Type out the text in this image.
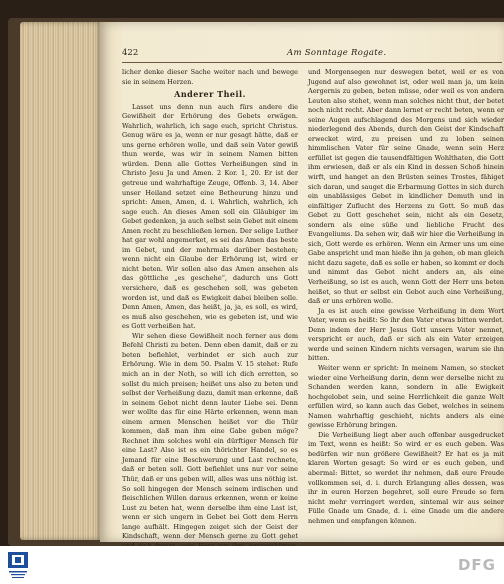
422	Am Sonntage Rogate.

licher denke dieser Sache weiter nach und bewege sie in seinem Herzen.

Anderer Theil.

Lasset uns denn nun auch fürs andere die Gewißheit der Erhörung des Gebets erwägen. Wahrlich, wahrlich, ich sage euch, spricht Christus. Genug wäre es ja, wenn er nur gesagt hätte, daß er uns gerne erhören wolle, und daß sein Vater gewiß thun werde, was wir in seinem Namen bitten würden. Denn alle Gottes Verheißungen sind in Christo Jesu Ja und Amen. 2 Kor. 1, 20. Er ist der getreue und wahrhaftige Zeuge, Offenb. 3, 14. Aber unser Heiland setzet eine Betheurung hinzu und spricht: Amen, Amen, d. i. Wahrlich, wahrlich, ich sage euch. An dieses Amen soll ein Gläubiger im Gebet gedenken, ja auch selbst sein Gebet mit einem Amen recht zu beschließen lernen. Der selige Luther hat gar wohl angemerket, es sei das Amen das beste im Gebet, und der mehrmals darüber bestehen; wenn nicht ein Glaube der Erhörung ist, wird er nicht beten. Wir sollen also das Amen ansehen als das göttliche „es geschehe“, dadurch uns Gott versichere, daß es geschehen soll, was gebeten worden ist, und daß es Ewigkeit dabei bleiben solle. Denn Amen, Amen, das heißt, ja, ja, es soll, es wird, es muß also geschehen, wie es gebeten ist, und wie es Gott verheißen hat.

Wir sehen diese Gewißheit noch ferner aus dem Befehl Christi zu beten. Denn eben damit, daß er zu beten befiehlet, verbindet er sich auch zur Erhörung. Wie in dem 50. Psalm V. 15 stehet: Rufe mich an in der Noth, so will ich dich erretten, so sollst du mich preisen; heißet uns also zu beten und selbst der Verheißung dazu, damit man erkenne, daß in seinem Gebot nicht denn lauter Liebe sei. Denn wer wollte das für eine Härte erkennen, wenn man einem armen Menschen heißet vor die Thür kommen, daß man ihm eine Gabe geben möge? Rechnet ihm solches wohl ein dürftiger Mensch für eine Last? Also ist es ein thörichter Handel, so es Jemand für eine Beschwerung und Last rechnete, daß er beten soll. Gott befiehlet uns nur vor seine Thür, daß er uns geben will, alles was uns nöthig ist. So soll hingegen der Mensch seinem irdischen und fleischlichen Willen daraus erkennen, wenn er keine Lust zu beten hat, wenn derselbe ihm eine Last ist, wenn er sich ungern in Gebet bei Gott dem Herrn lange aufhält. Hingegen zeiget sich der Geist der Kindschaft, wenn der Mensch gerne zu Gott gehet

und Morgensegen nur deswegen betet, weil er es von Jugend auf also gewohnet ist, oder weil man ja, um kein Aergernis zu geben, beten müsse, oder weil es von andern Leuten also stehet, wenn man solches nicht thut, der betet noch nicht recht. Aber dann lernet er recht beten, wenn er seine Augen aufschlagend des Morgens und sich wieder niederlegend des Abends, durch den Geist der Kindschaft erwecket wird, zu preisen und zu loben seinen himmlischen Vater für seine Gnade, wenn sein Herz erfüllet ist gegen die tausendfältigen Wohlthaten, die Gott ihm erwiesen, daß er als ein Kind in dessen Schoß hinein wirft, und hanget an den Brüsten seines Trostes, fähiget sich daran, und sauget die Erbarmung Gottes in sich durch ein unablässiges Gebet in kindlicher Demuth und in einfältiger Zuflucht des Herzens zu Gott. So muß das Gebet zu Gott geschehet sein, nicht als ein Gesetz, sondern als eine süße und liebliche Frucht des Evangeliums. Da sehen wir, daß wir hier die Verheißung in sich, Gott werde es erhören. Wenn ein Armer uns um eine Gabe anspricht und man hieße ihn ja gehen, ob man gleich nicht dazu sagete, daß es solle er haben, so kommt er doch und nimmt das Gebot nicht anders an, als eine Verheißung, so ist es auch, wenn Gott der Herr uns beten heißet, so thut er selbst ein Gebot auch eine Verheißung, daß er uns erhören wolle.

Ja es ist auch eine gewisse Verheißung in dem Wort Vater, wenn es heißt: So ihr den Vater etwas bitten werdet. Denn indem der Herr Jesus Gott unsern Vater nennet, verspricht er auch, daß er sich als ein Vater erzeigen werde und seinen Kindern nichts versagen, warum sie ihn bitten.

Weiter wenn er spricht: In meinem Namen, so stecket wieder eine Verheißung darin, denn wer derselbe nicht zu Schanden werden kann, sondern in alle Ewigkeit hochgelobet sein, und seine Herrlichkeit die ganze Welt erfüllen wird, so kann auch das Gebet, welches in seinem Namen wahrhaftig geschieht, nichts anders als eine gewisse Erhörung bringen.

Die Verheißung liegt aber auch offenbar ausgedrucket im Text, wenn es heißt: So wird er es euch geben. Was bedürfen wir nun größere Gewißheit? Er hat es ja mit klaren Worten gesagt: So wird er es euch geben, und abermal: Bittet, so werdet ihr nehmen, daß eure Freude vollkommen sei, d. i. durch Erlangung alles dessen, was ihr in euren Herzen begehret, soll eure Freude so fern nicht mehr verringert werden, sintemal wir aus seiner Fülle Gnade um Gnade, d. i. eine Gnade um die andere nehmen und empfangen können.

DFG
